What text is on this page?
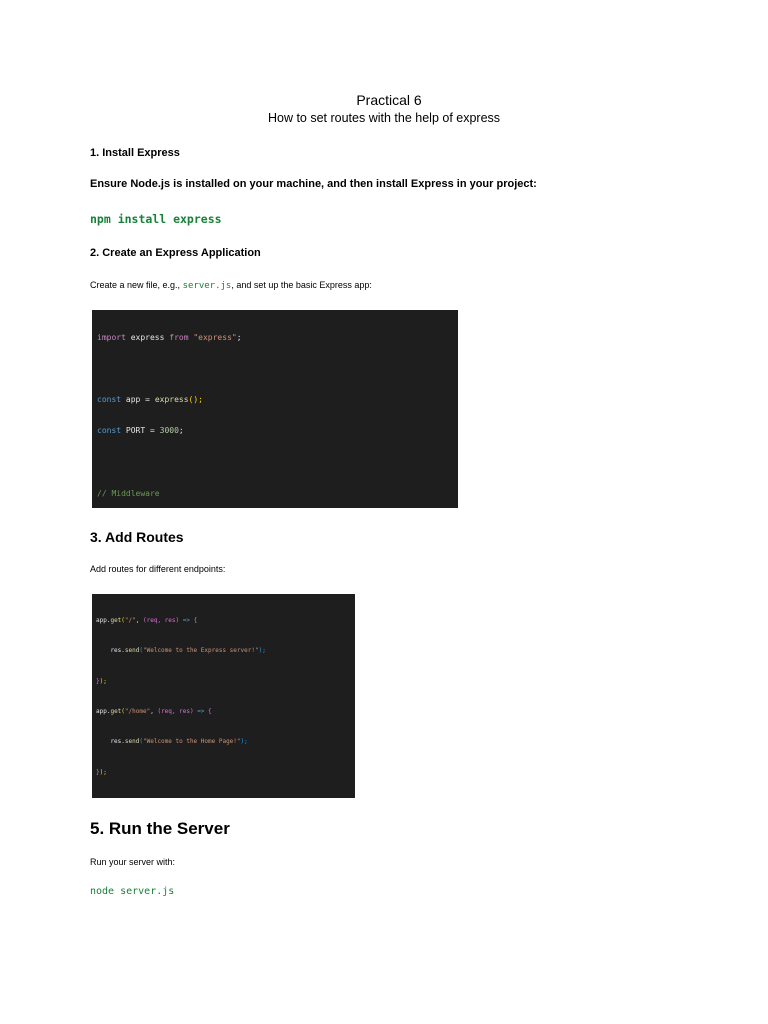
Practical 6
How to set routes with the help of express
1. Install Express
Ensure Node.js is installed on your machine, and then install Express in your project:
npm install express
2. Create an Express Application
Create a new file, e.g., server.js, and set up the basic Express app:

import express from "express";

const app = express();

const PORT = 3000;

// Middleware

3. Add Routes
Add routes for different endpoints:

app.get("/", (req, res) => {

res.send("Welcome to the Express server!");

});

app.get("/home", (req, res) => {

res.send("Welcome to the Home Page!");

});

5. Run the Server
Run your server with:
node server.js
